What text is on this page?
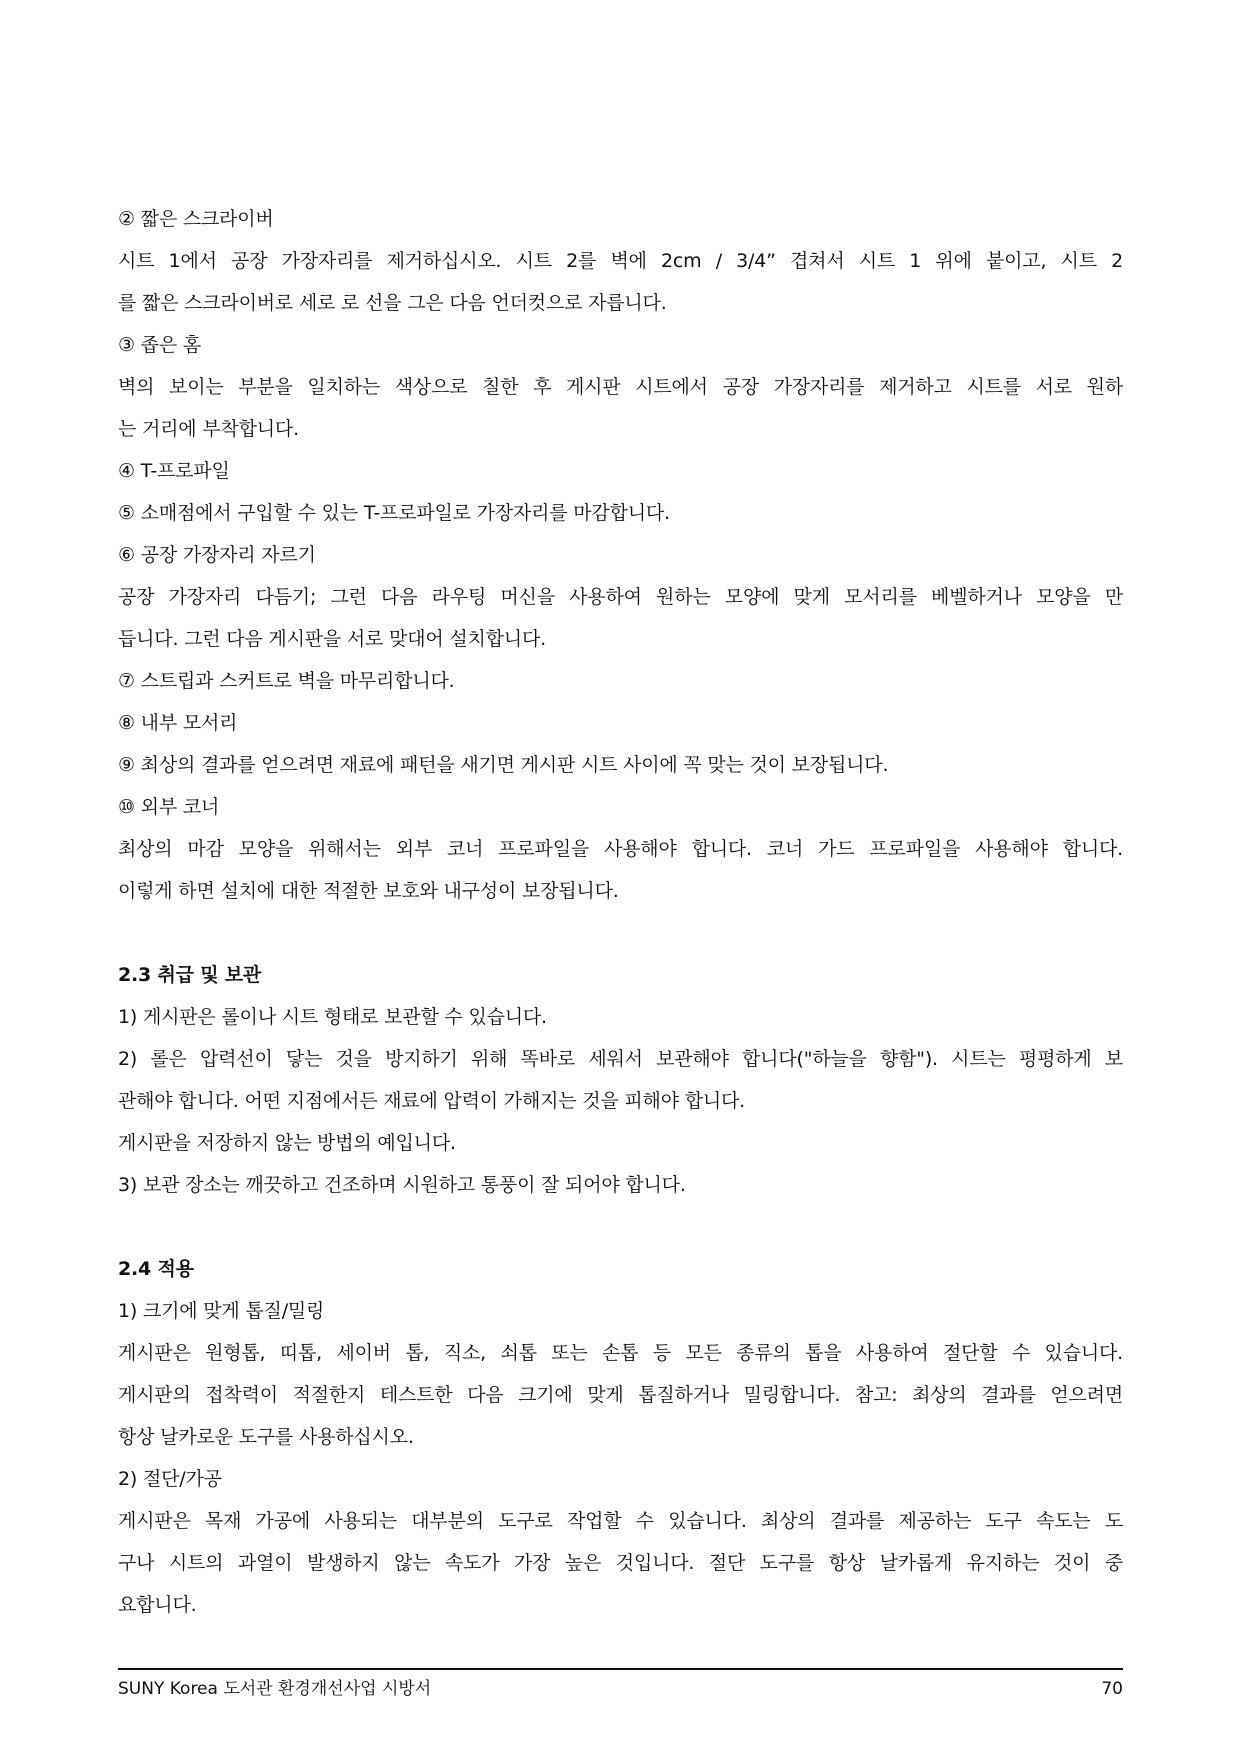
② 짧은 스크라이버
시트 1에서 공장 가장자리를 제거하십시오. 시트 2를 벽에 2cm / 3/4” 겹쳐서 시트 1 위에 붙이고, 시트 2
를 짧은 스크라이버로 세로 로 선을 그은 다음 언더컷으로 자릅니다.
③ 좁은 홈
벽의 보이는 부분을 일치하는 색상으로 칠한 후 게시판 시트에서 공장 가장자리를 제거하고 시트를 서로 원하
는 거리에 부착합니다.
④ T-프로파일
⑤ 소매점에서 구입할 수 있는 T-프로파일로 가장자리를 마감합니다.
⑥ 공장 가장자리 자르기
공장 가장자리 다듬기; 그런 다음 라우팅 머신을 사용하여 원하는 모양에 맞게 모서리를 베벨하거나 모양을 만
듭니다. 그런 다음 게시판을 서로 맞대어 설치합니다.
⑦ 스트립과 스커트로 벽을 마무리합니다.
⑧ 내부 모서리
⑨ 최상의 결과를 얻으려면 재료에 패턴을 새기면 게시판 시트 사이에 꼭 맞는 것이 보장됩니다.
⑩ 외부 코너
최상의 마감 모양을 위해서는 외부 코너 프로파일을 사용해야 합니다. 코너 가드 프로파일을 사용해야 합니다.
이렇게 하면 설치에 대한 적절한 보호와 내구성이 보장됩니다.
2.3 취급 및 보관
1) 게시판은 롤이나 시트 형태로 보관할 수 있습니다.
2) 롤은 압력선이 닿는 것을 방지하기 위해 똑바로 세워서 보관해야 합니다("하늘을 향함"). 시트는 평평하게 보
관해야 합니다. 어떤 지점에서든 재료에 압력이 가해지는 것을 피해야 합니다.
게시판을 저장하지 않는 방법의 예입니다.
3) 보관 장소는 깨끗하고 건조하며 시원하고 통풍이 잘 되어야 합니다.
2.4 적용
1) 크기에 맞게 톱질/밀링
게시판은 원형톱, 띠톱, 세이버 톱, 직소, 쇠톱 또는 손톱 등 모든 종류의 톱을 사용하여 절단할 수 있습니다.
게시판의 접착력이 적절한지 테스트한 다음 크기에 맞게 톱질하거나 밀링합니다. 참고: 최상의 결과를 얻으려면
항상 날카로운 도구를 사용하십시오.
2) 절단/가공
게시판은 목재 가공에 사용되는 대부분의 도구로 작업할 수 있습니다. 최상의 결과를 제공하는 도구 속도는 도
구나 시트의 과열이 발생하지 않는 속도가 가장 높은 것입니다. 절단 도구를 항상 날카롭게 유지하는 것이 중
요합니다.
SUNY Korea 도서관 환경개선사업 시방서	70
